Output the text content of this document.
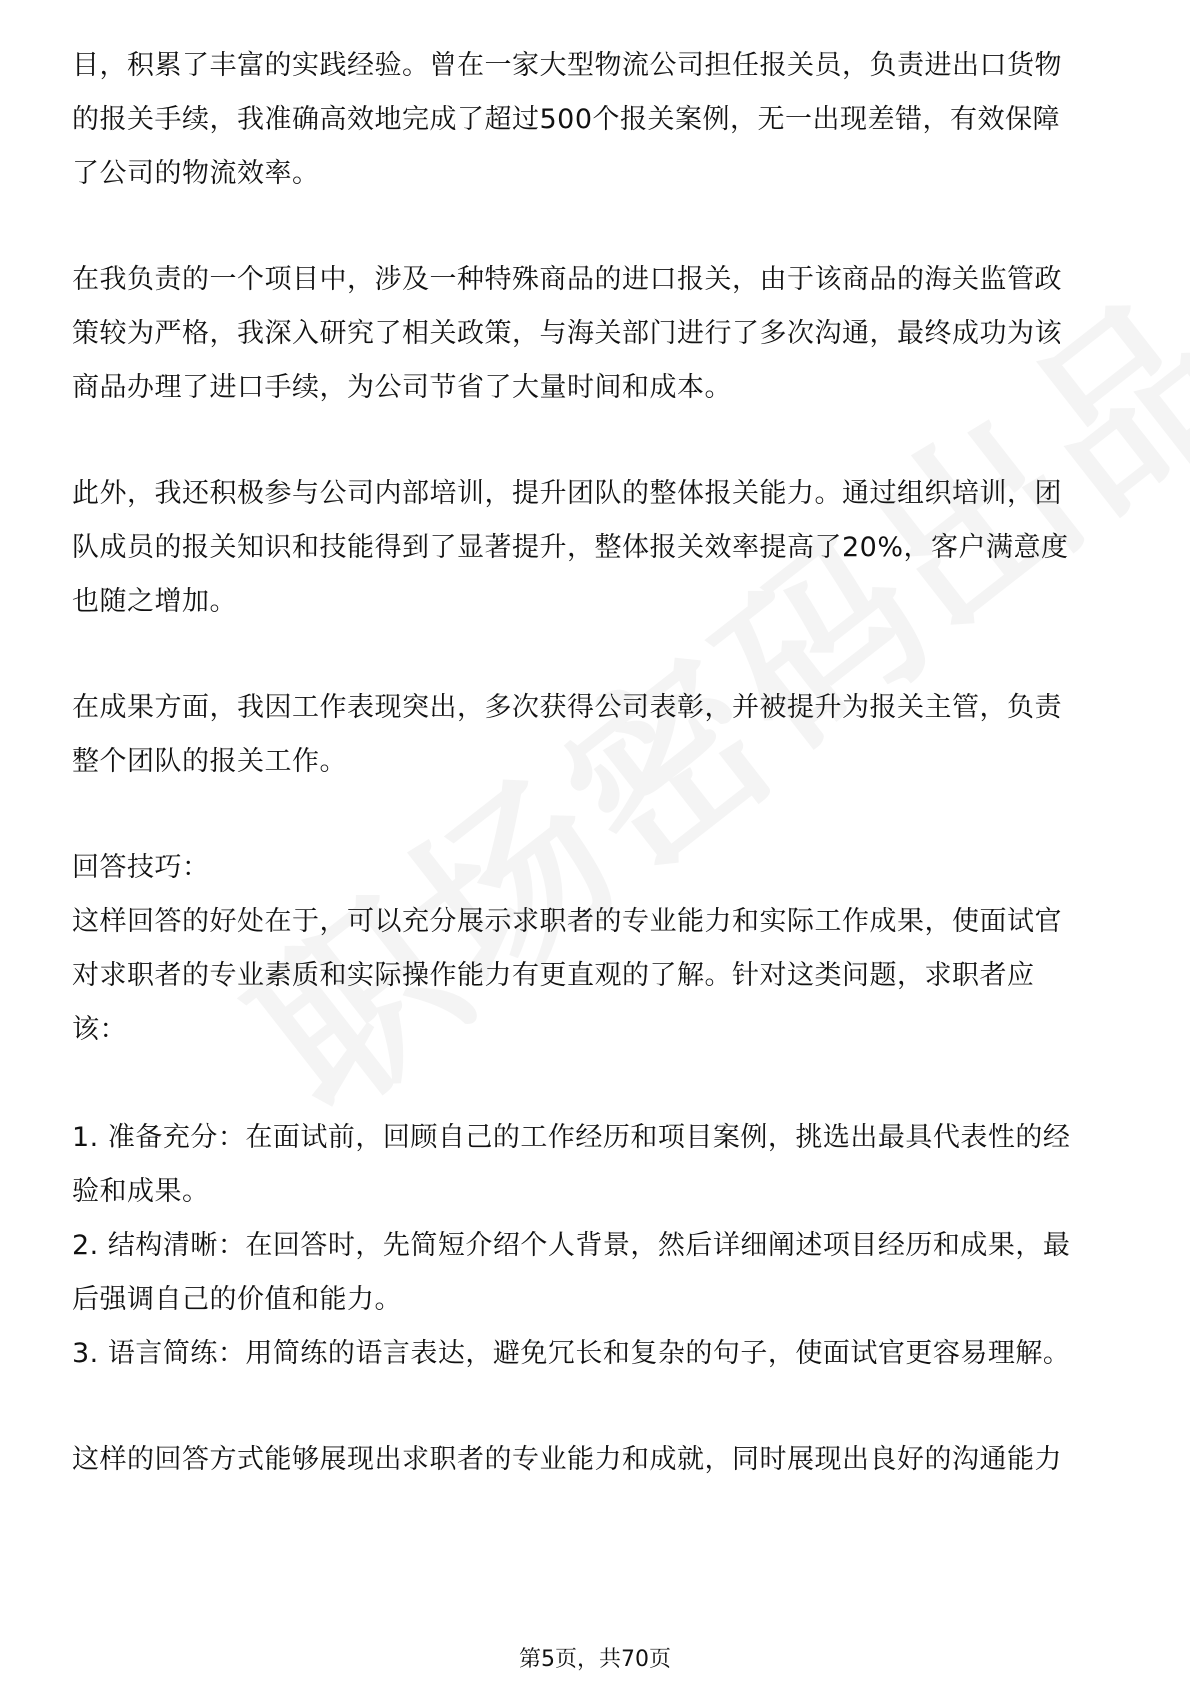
目，积累了丰富的实践经验。曾在一家大型物流公司担任报关员，负责进出口货物
的报关手续，我准确高效地完成了超过500个报关案例，无一出现差错，有效保障
了公司的物流效率。
在我负责的一个项目中，涉及一种特殊商品的进口报关，由于该商品的海关监管政
策较为严格，我深入研究了相关政策，与海关部门进行了多次沟通，最终成功为该
商品办理了进口手续，为公司节省了大量时间和成本。
此外，我还积极参与公司内部培训，提升团队的整体报关能力。通过组织培训，团
队成员的报关知识和技能得到了显著提升，整体报关效率提高了20%，客户满意度
也随之增加。
在成果方面，我因工作表现突出，多次获得公司表彰，并被提升为报关主管，负责
整个团队的报关工作。
回答技巧：
这样回答的好处在于，可以充分展示求职者的专业能力和实际工作成果，使面试官
对求职者的专业素质和实际操作能力有更直观的了解。针对这类问题，求职者应
该：
1. 准备充分：在面试前，回顾自己的工作经历和项目案例，挑选出最具代表性的经
验和成果。
2. 结构清晰：在回答时，先简短介绍个人背景，然后详细阐述项目经历和成果，最
后强调自己的价值和能力。
3. 语言简练：用简练的语言表达，避免冗长和复杂的句子，使面试官更容易理解。
这样的回答方式能够展现出求职者的专业能力和成就，同时展现出良好的沟通能力
第5页，共70页
